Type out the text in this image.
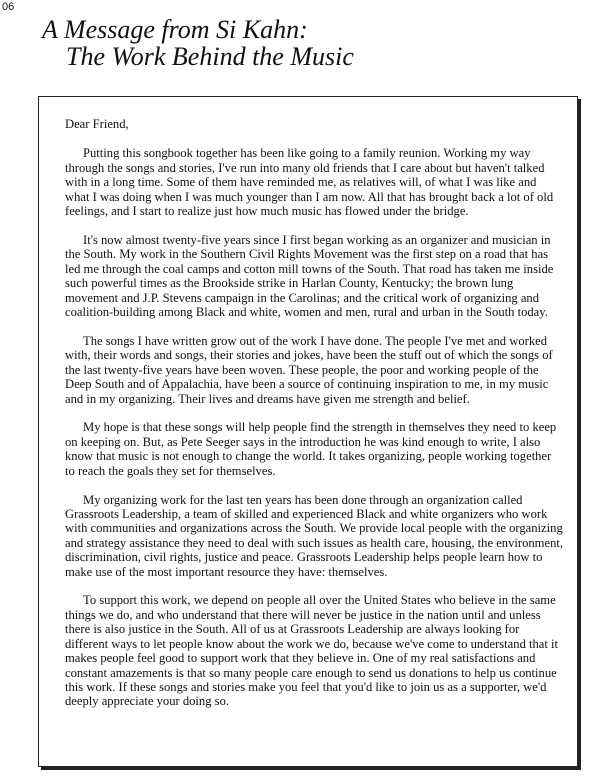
06
A Message from Si Kahn:
The Work Behind the Music

Dear Friend,

Putting this songbook together has been like going to a family reunion. Working my way through the songs and stories, I've run into many old friends that I care about but haven't talked with in a long time. Some of them have reminded me, as relatives will, of what I was like and what I was doing when I was much younger than I am now. All that has brought back a lot of old feelings, and I start to realize just how much music has flowed under the bridge.

It's now almost twenty-five years since I first began working as an organizer and musician in the South. My work in the Southern Civil Rights Movement was the first step on a road that has led me through the coal camps and cotton mill towns of the South. That road has taken me inside such powerful times as the Brookside strike in Harlan County, Kentucky; the brown lung movement and J.P. Stevens campaign in the Carolinas; and the critical work of organizing and coalition-building among Black and white, women and men, rural and urban in the South today.

The songs I have written grow out of the work I have done. The people I've met and worked with, their words and songs, their stories and jokes, have been the stuff out of which the songs of the last twenty-five years have been woven. These people, the poor and working people of the Deep South and of Appalachia, have been a source of continuing inspiration to me, in my music and in my organizing. Their lives and dreams have given me strength and belief.

My hope is that these songs will help people find the strength in themselves they need to keep on keeping on. But, as Pete Seeger says in the introduction he was kind enough to write, I also know that music is not enough to change the world. It takes organizing, people working together to reach the goals they set for themselves.

My organizing work for the last ten years has been done through an organization called Grassroots Leadership, a team of skilled and experienced Black and white organizers who work with communities and organizations across the South. We provide local people with the organizing and strategy assistance they need to deal with such issues as health care, housing, the environment, discrimination, civil rights, justice and peace. Grassroots Leadership helps people learn how to make use of the most important resource they have: themselves.

To support this work, we depend on people all over the United States who believe in the same things we do, and who understand that there will never be justice in the nation until and unless there is also justice in the South. All of us at Grassroots Leadership are always looking for different ways to let people know about the work we do, because we've come to understand that it makes people feel good to support work that they believe in. One of my real satisfactions and constant amazements is that so many people care enough to send us donations to help us continue this work. If these songs and stories make you feel that you'd like to join us as a supporter, we'd deeply appreciate your doing so.
